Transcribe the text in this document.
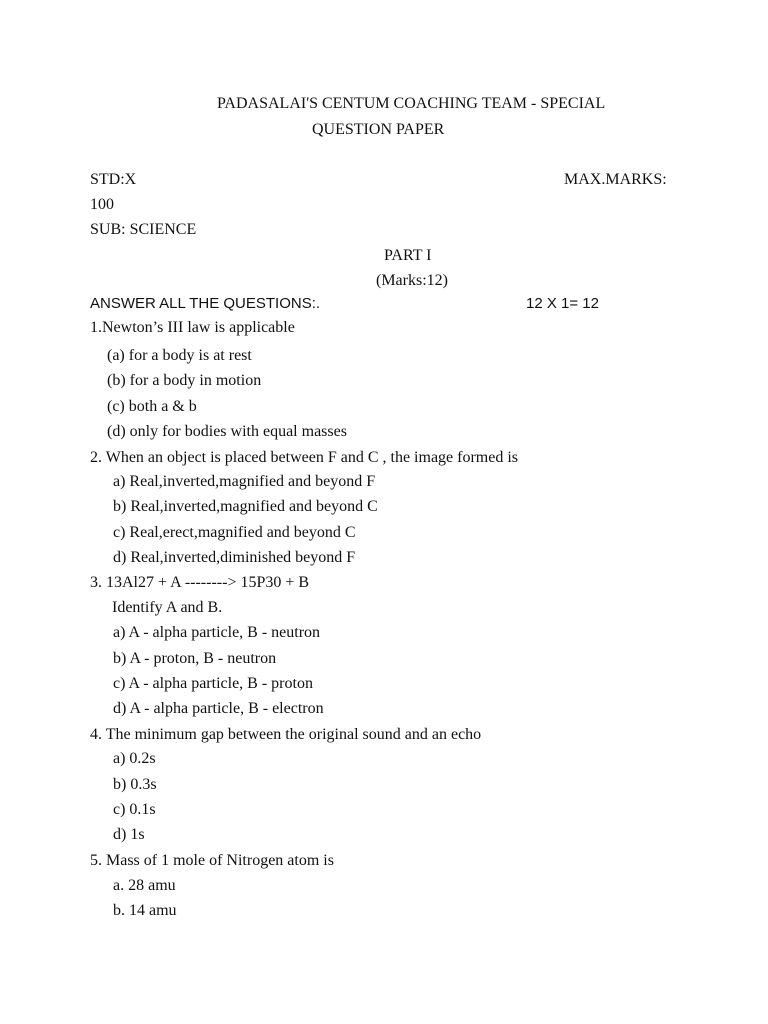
PADASALAI'S CENTUM COACHING TEAM - SPECIAL
QUESTION PAPER
STD:X	MAX.MARKS:
100
SUB: SCIENCE
PART I
(Marks:12)
ANSWER ALL THE QUESTIONS:.	12 X 1= 12
1.Newton’s III law is applicable
(a) for a body is at rest
(b) for a body in motion
(c) both a & b
(d) only for bodies with equal masses
2. When an object is placed between F and C , the image formed is
a) Real,inverted,magnified and beyond F
b) Real,inverted,magnified and beyond C
c) Real,erect,magnified and beyond C
d) Real,inverted,diminished beyond F
3. 13Al27 + A --------> 15P30 + B
Identify A and B.
a) A - alpha particle, B - neutron
b) A - proton, B - neutron
c) A - alpha particle, B - proton
d) A - alpha particle, B - electron
4. The minimum gap between the original sound and an echo
a) 0.2s
b) 0.3s
c) 0.1s
d) 1s
5. Mass of 1 mole of Nitrogen atom is
a. 28 amu
b. 14 amu
